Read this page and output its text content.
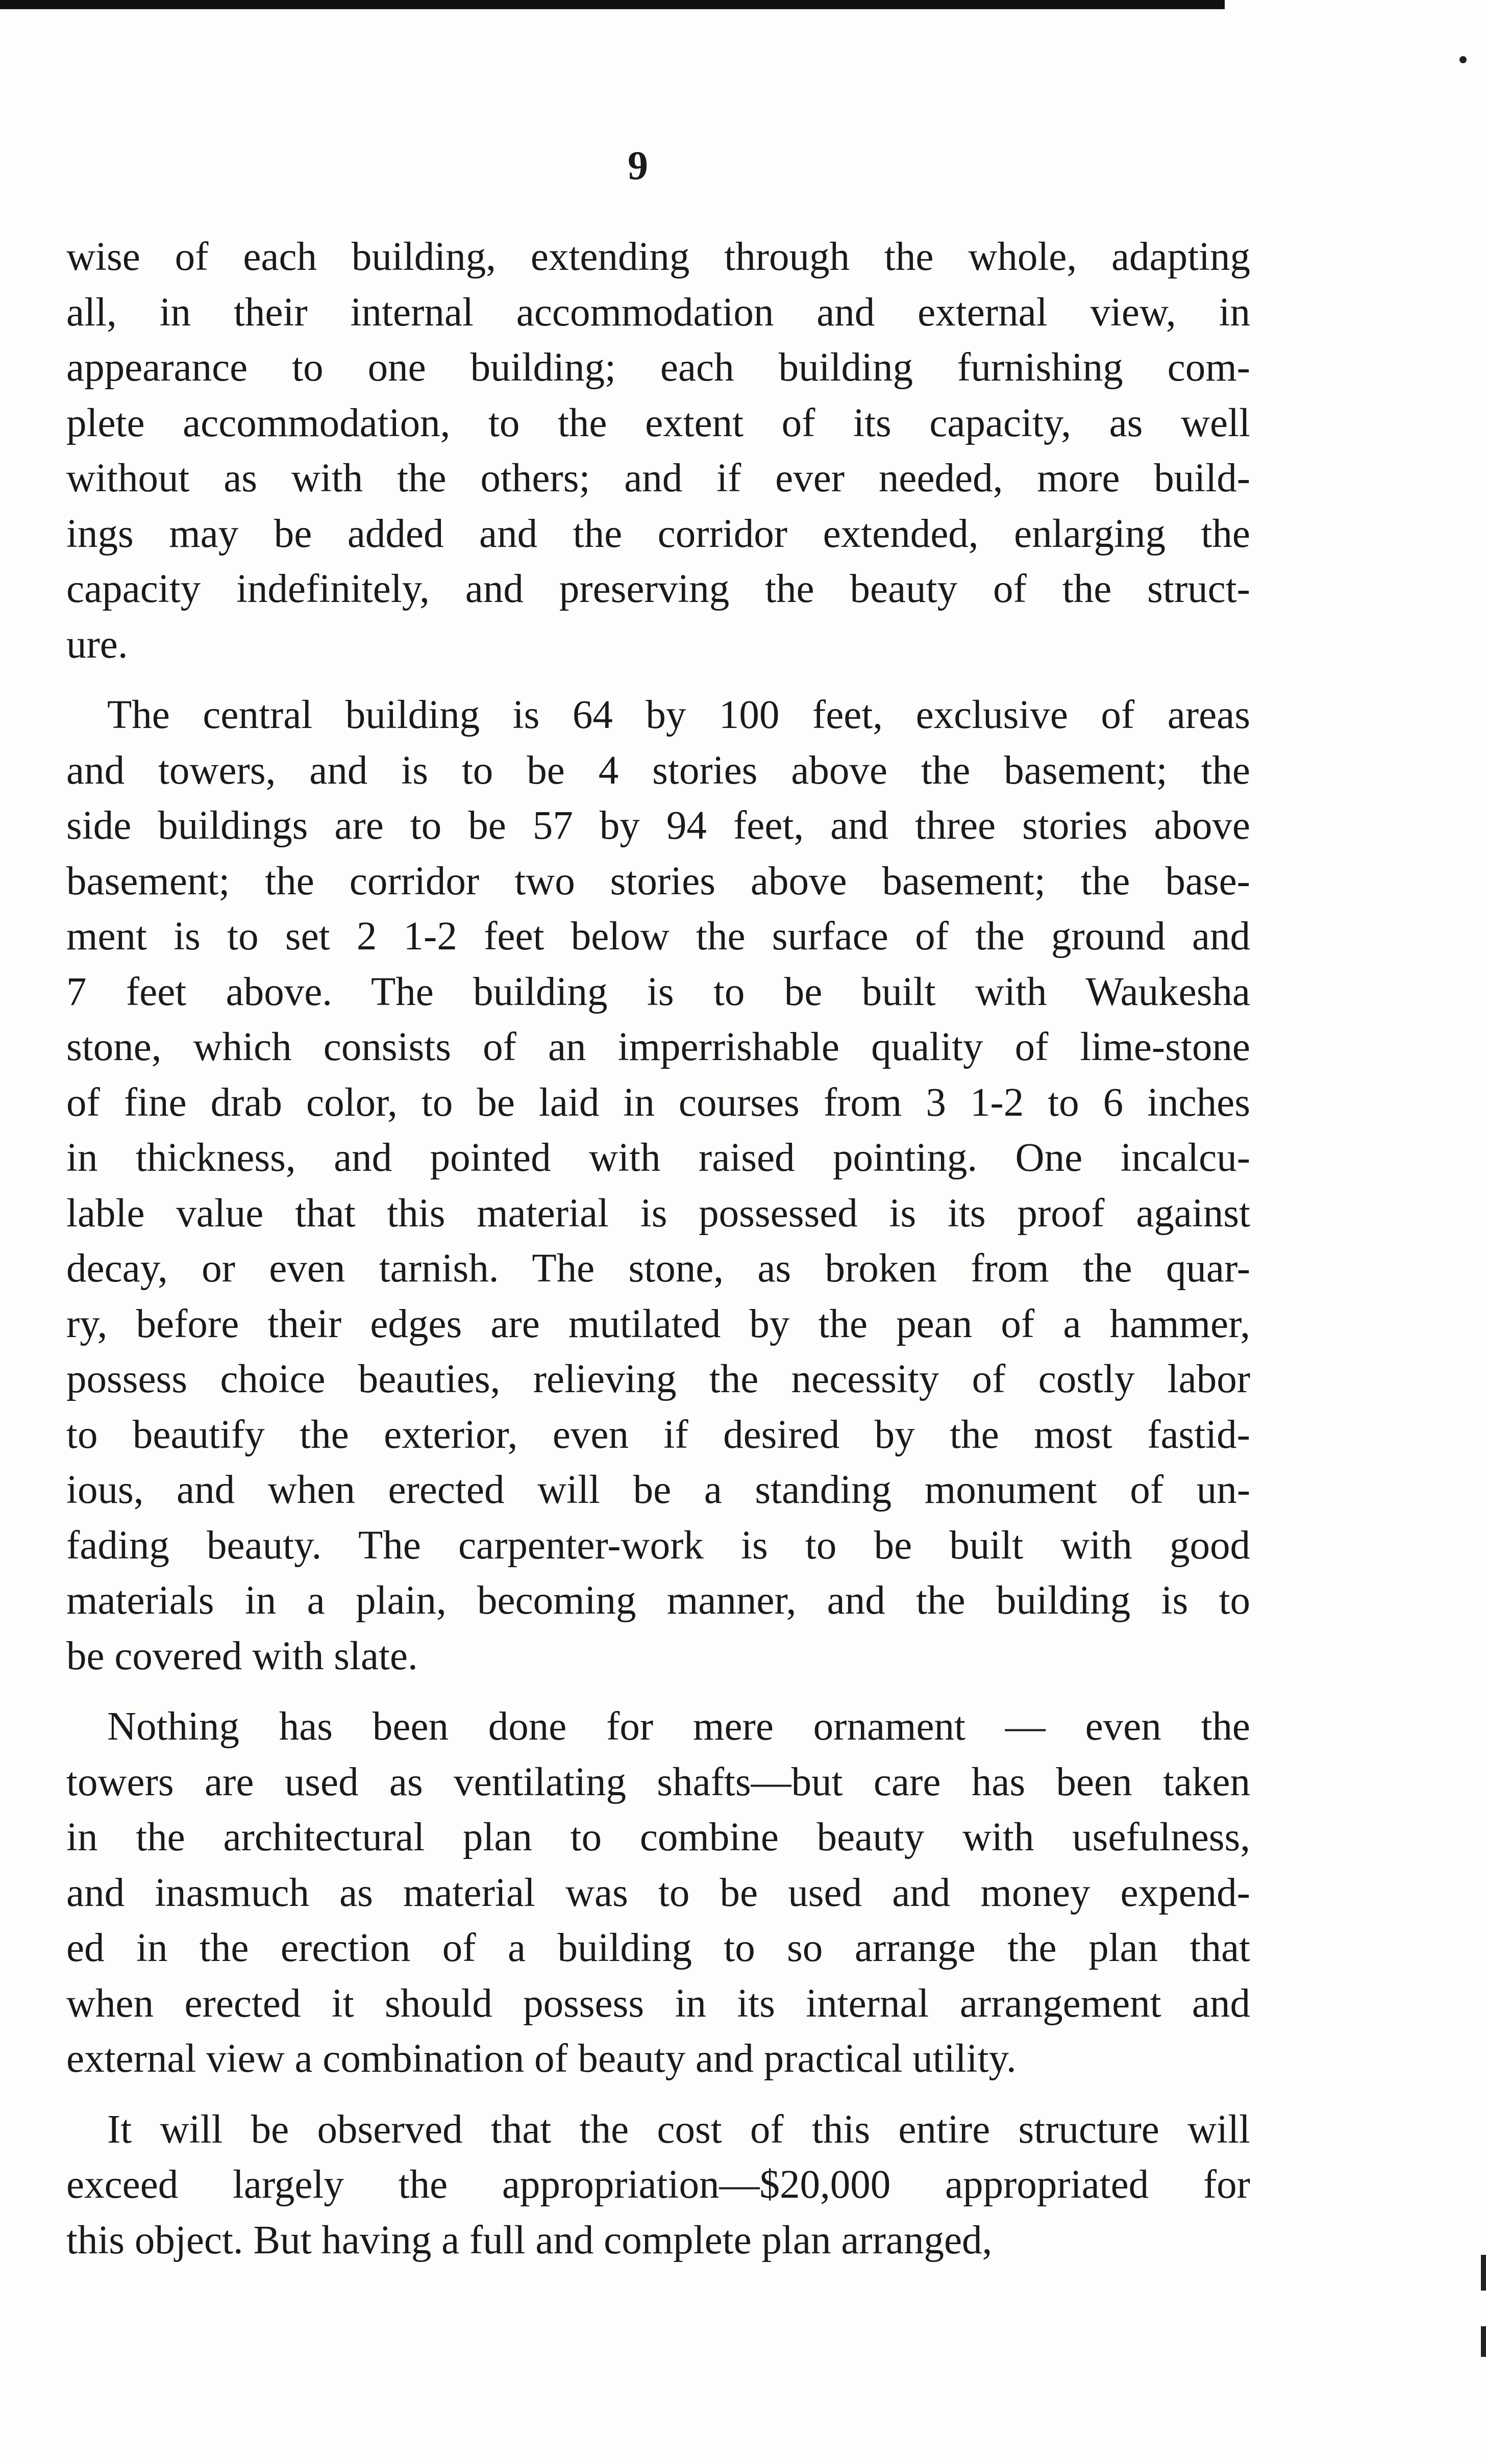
9

wise of each building, extending through the whole, adapting
all, in their internal accommodation and external view, in
appearance to one building; each building furnishing com-
plete accommodation, to the extent of its capacity, as well
without as with the others; and if ever needed, more build-
ings may be added and the corridor extended, enlarging the
capacity indefinitely, and preserving the beauty of the struct-
ure.

The central building is 64 by 100 feet, exclusive of areas
and towers, and is to be 4 stories above the basement; the
side buildings are to be 57 by 94 feet, and three stories above
basement; the corridor two stories above basement; the base-
ment is to set 2 1-2 feet below the surface of the ground and
7 feet above. The building is to be built with Waukesha
stone, which consists of an imperrishable quality of lime-stone
of fine drab color, to be laid in courses from 3 1-2 to 6 inches
in thickness, and pointed with raised pointing. One incalcu-
lable value that this material is possessed is its proof against
decay, or even tarnish. The stone, as broken from the quar-
ry, before their edges are mutilated by the pean of a hammer,
possess choice beauties, relieving the necessity of costly labor
to beautify the exterior, even if desired by the most fastid-
ious, and when erected will be a standing monument of un-
fading beauty. The carpenter-work is to be built with good
materials in a plain, becoming manner, and the building is to
be covered with slate.

Nothing has been done for mere ornament — even the
towers are used as ventilating shafts—but care has been taken
in the architectural plan to combine beauty with usefulness,
and inasmuch as material was to be used and money expend-
ed in the erection of a building to so arrange the plan that
when erected it should possess in its internal arrangement and
external view a combination of beauty and practical utility.

It will be observed that the cost of this entire structure will
exceed largely the appropriation—$20,000 appropriated for
this object. But having a full and complete plan arranged,
